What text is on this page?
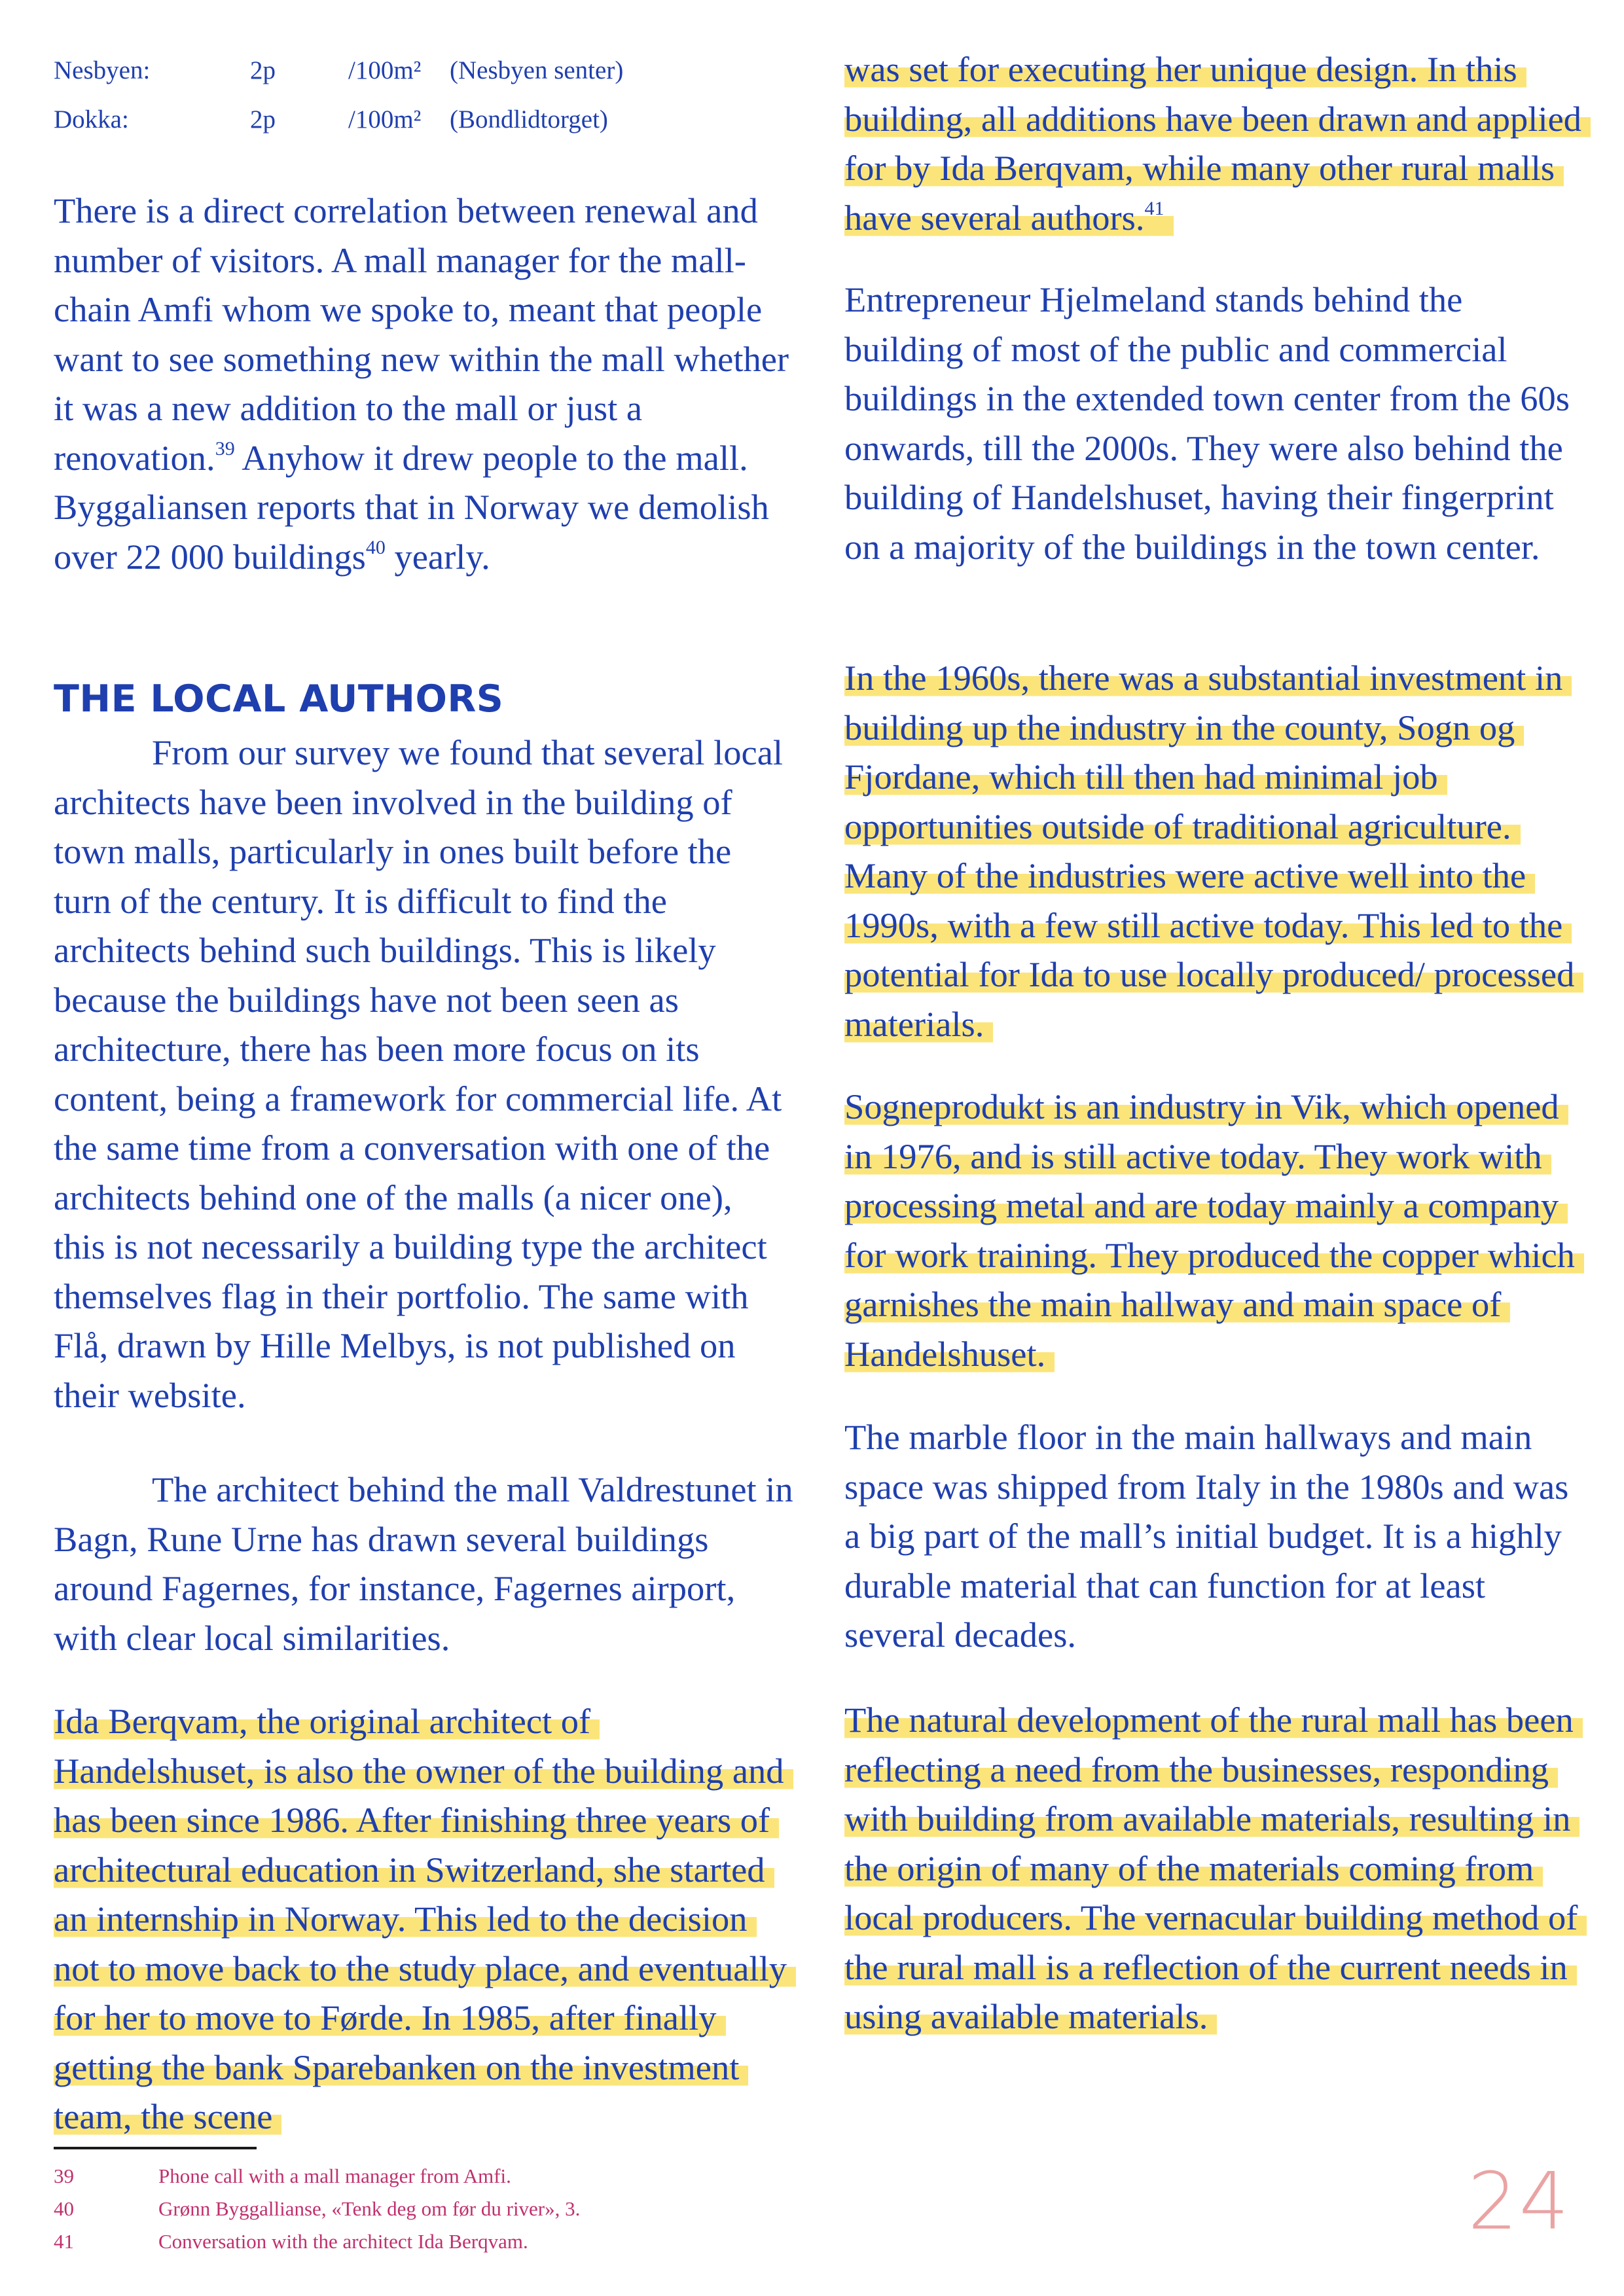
Nesbyen:	2p	/100m² (Nesbyen senter)
Dokka:	2p	/100m² (Bondlidtorget)

There is a direct correlation between renewal and number of visitors. A mall manager for the mall-chain Amfi whom we spoke to, meant that people want to see something new within the mall whether it was a new addition to the mall or just a renovation.$^{39}$ Anyhow it drew people to the mall.
Byggaliansen reports that in Norway we demolish over 22 000 buildings$^{40}$ yearly.

THE LOCAL AUTHORS

From our survey we found that several local architects have been involved in the building of town malls, particularly in ones built before the turn of the century. It is difficult to find the architects behind such buildings. This is likely because the buildings have not been seen as architecture, there has been more focus on its content, being a framework for commercial life. At the same time from a conversation with one of the architects behind one of the malls (a nicer one), this is not necessarily a building type the architect themselves flag in their portfolio. The same with Flå, drawn by Hille Melbys, is not published on their website.

The architect behind the mall Valdrestunet in Bagn, Rune Urne has drawn several buildings around Fagernes, for instance, Fagernes airport, with clear local similarities.

Ida Berqvam, the original architect of Handelshuset, is also the owner of the building and has been since 1986. After finishing three years of architectural education in Switzerland, she started an internship in Norway. This led to the decision not to move back to the study place, and eventually for her to move to Førde. In 1985, after finally getting the bank Sparebanken on the investment team, the scene

was set for executing her unique design. In this building, all additions have been drawn and applied for by Ida Berqvam, while many other rural malls have several authors.$^{41}$

Entrepreneur Hjelmeland stands behind the building of most of the public and commercial buildings in the extended town center from the 60s onwards, till the 2000s. They were also behind the building of Handelshuset, having their fingerprint on a majority of the buildings in the town center.

In the 1960s, there was a substantial investment in building up the industry in the county, Sogn og Fjordane, which till then had minimal job opportunities outside of traditional agriculture. Many of the industries were active well into the 1990s, with a few still active today. This led to the potential for Ida to use locally produced/ processed materials.

Sogneprodukt is an industry in Vik, which opened in 1976, and is still active today. They work with processing metal and are today mainly a company for work training. They produced the copper which garnishes the main hallway and main space of Handelshuset.

The marble floor in the main hallways and main space was shipped from Italy in the 1980s and was a big part of the mall’s initial budget. It is a highly durable material that can function for at least several decades.

The natural development of the rural mall has been reflecting a need from the businesses, responding with building from available materials, resulting in the origin of many of the materials coming from local producers. The vernacular building method of the rural mall is a reflection of the current needs in using available materials.

39	Phone call with a mall manager from Amfi.
40	Grønn Byggallianse, «Tenk deg om før du river», 3.
41	Conversation with the architect Ida Berqvam.	24
